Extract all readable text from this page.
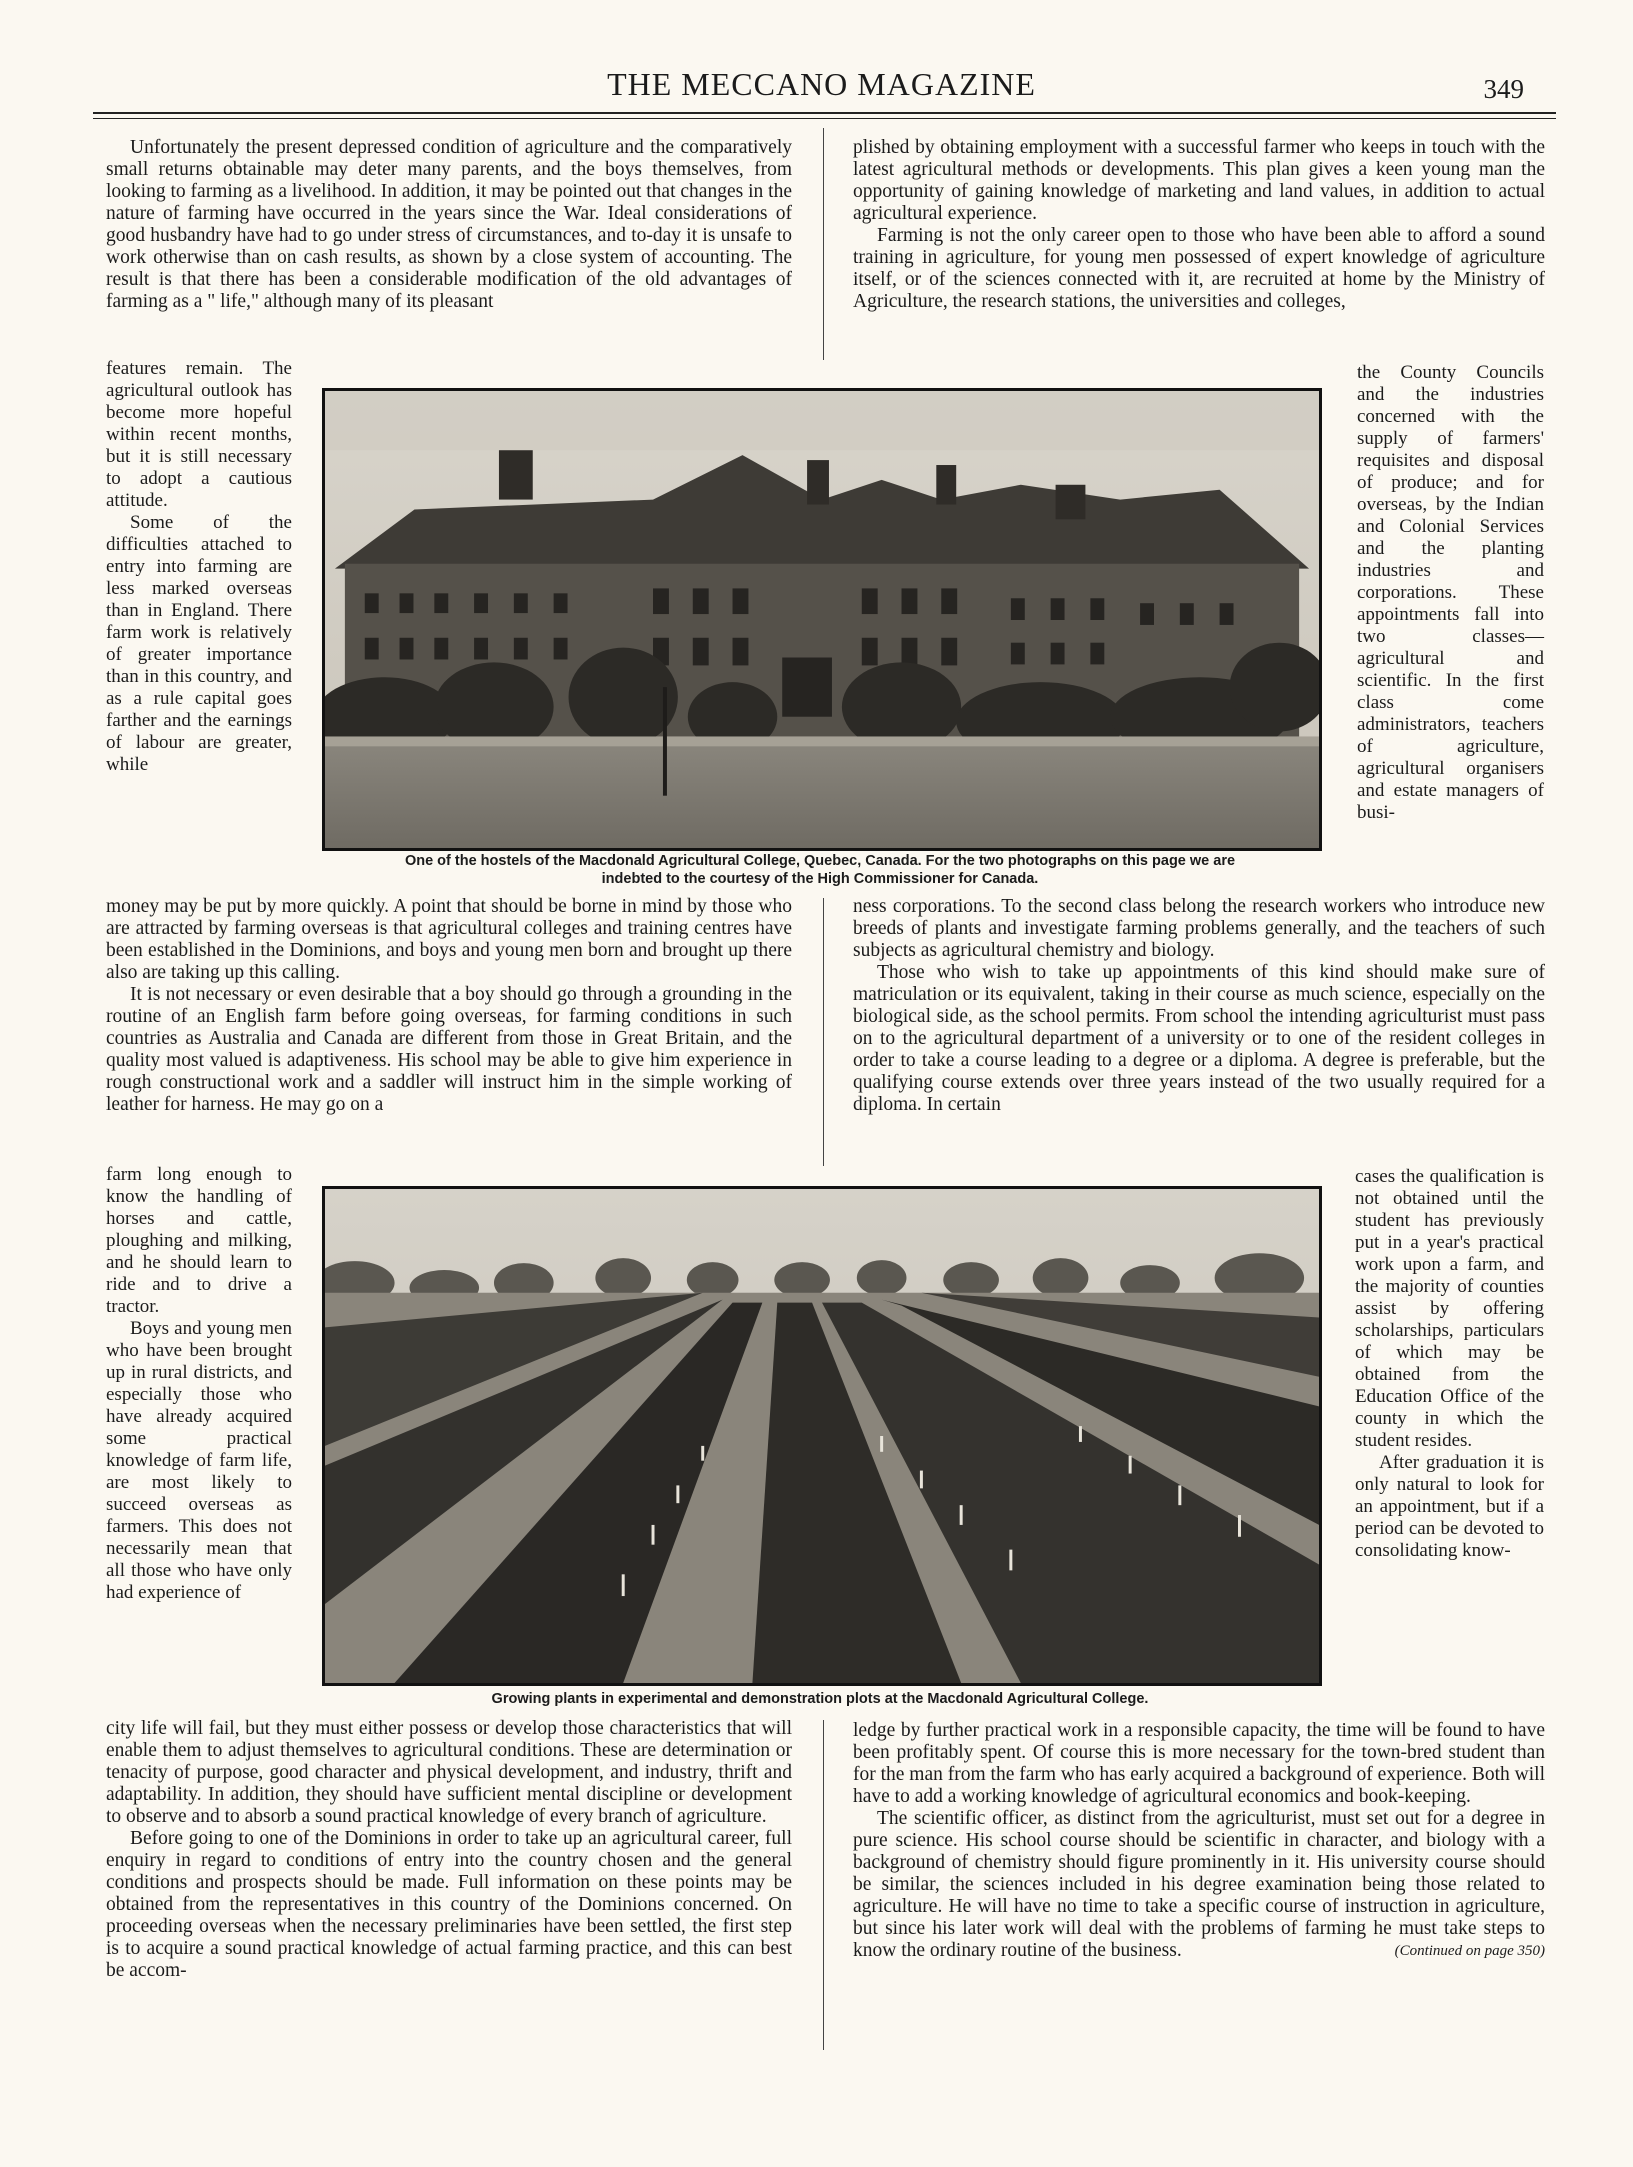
THE MECCANO MAGAZINE	349

Unfortunately the present depressed condition of agriculture and the comparatively small returns obtainable may deter many parents, and the boys themselves, from looking to farming as a livelihood. In addition, it may be pointed out that changes in the nature of farming have occurred in the years since the War. Ideal considerations of good husbandry have had to go under stress of circumstances, and to-day it is unsafe to work otherwise than on cash results, as shown by a close system of accounting. The result is that there has been a considerable modification of the old advantages of farming as a " life," although many of its pleasant

features remain. The agricultural outlook has become more hopeful within recent months, but it is still necessary to adopt a cautious attitude.

Some of the difficulties attached to entry into farming are less marked overseas than in England. There farm work is relatively of greater importance than in this country, and as a rule capital goes farther and the earnings of labour are greater, while

money may be put by more quickly. A point that should be borne in mind by those who are attracted by farming overseas is that agricultural colleges and training centres have been established in the Dominions, and boys and young men born and brought up there also are taking up this calling.

It is not necessary or even desirable that a boy should go through a grounding in the routine of an English farm before going overseas, for farming conditions in such countries as Australia and Canada are different from those in Great Britain, and the quality most valued is adaptiveness. His school may be able to give him experience in rough constructional work and a saddler will instruct him in the simple working of leather for harness. He may go on a

farm long enough to know the handling of horses and cattle, ploughing and milking, and he should learn to ride and to drive a tractor.

Boys and young men who have been brought up in rural districts, and especially those who have already acquired some practical knowledge of farm life, are most likely to succeed overseas as farmers. This does not necessarily mean that all those who have only had experience of

city life will fail, but they must either possess or develop those characteristics that will enable them to adjust themselves to agricultural conditions. These are determination or tenacity of purpose, good character and physical development, and industry, thrift and adaptability. In addition, they should have sufficient mental discipline or development to observe and to absorb a sound practical knowledge of every branch of agriculture.

Before going to one of the Dominions in order to take up an agricultural career, full enquiry in regard to conditions of entry into the country chosen and the general conditions and prospects should be made. Full information on these points may be obtained from the representatives in this country of the Dominions concerned. On proceeding overseas when the necessary preliminaries have been settled, the first step is to acquire a sound practical knowledge of actual farming practice, and this can best be accom-

plished by obtaining employment with a successful farmer who keeps in touch with the latest agricultural methods or developments. This plan gives a keen young man the opportunity of gaining knowledge of marketing and land values, in addition to actual agricultural experience.

Farming is not the only career open to those who have been able to afford a sound training in agriculture, for young men possessed of expert knowledge of agriculture itself, or of the sciences connected with it, are recruited at home by the Ministry of Agriculture, the research stations, the universities and colleges,

the County Councils and the industries concerned with the supply of farmers' requisites and disposal of produce; and for overseas, by the Indian and Colonial Services and the planting industries and corporations. These appointments fall into two classes— agricultural and scientific. In the first class come administrators, teachers of agriculture, agricultural organisers and estate managers of busi-

ness corporations. To the second class belong the research workers who introduce new breeds of plants and investigate farming problems generally, and the teachers of such subjects as agricultural chemistry and biology.

Those who wish to take up appointments of this kind should make sure of matriculation or its equivalent, taking in their course as much science, especially on the biological side, as the school permits. From school the intending agriculturist must pass on to the agricultural department of a university or to one of the resident colleges in order to take a course leading to a degree or a diploma. A degree is preferable, but the qualifying course extends over three years instead of the two usually required for a diploma. In certain

cases the qualification is not obtained until the student has previously put in a year's practical work upon a farm, and the majority of counties assist by offering scholarships, particulars of which may be obtained from the Education Office of the county in which the student resides.

After graduation it is only natural to look for an appointment, but if a period can be devoted to consolidating know-

ledge by further practical work in a responsible capacity, the time will be found to have been profitably spent. Of course this is more necessary for the town-bred student than for the man from the farm who has early acquired a background of experience. Both will have to add a working knowledge of agricultural economics and book-keeping.

The scientific officer, as distinct from the agriculturist, must set out for a degree in pure science. His school course should be scientific in character, and biology with a background of chemistry should figure prominently in it. His university course should be similar, the sciences included in his degree examination being those related to agriculture. He will have no time to take a specific course of instruction in agriculture, but since his later work will deal with the problems of farming he must take steps to know the ordinary routine of the business.	(Continued on page 350)

One of the hostels of the Macdonald Agricultural College, Quebec, Canada. For the two photographs on this page we are
indebted to the courtesy of the High Commissioner for Canada.
Growing plants in experimental and demonstration plots at the Macdonald Agricultural College.
